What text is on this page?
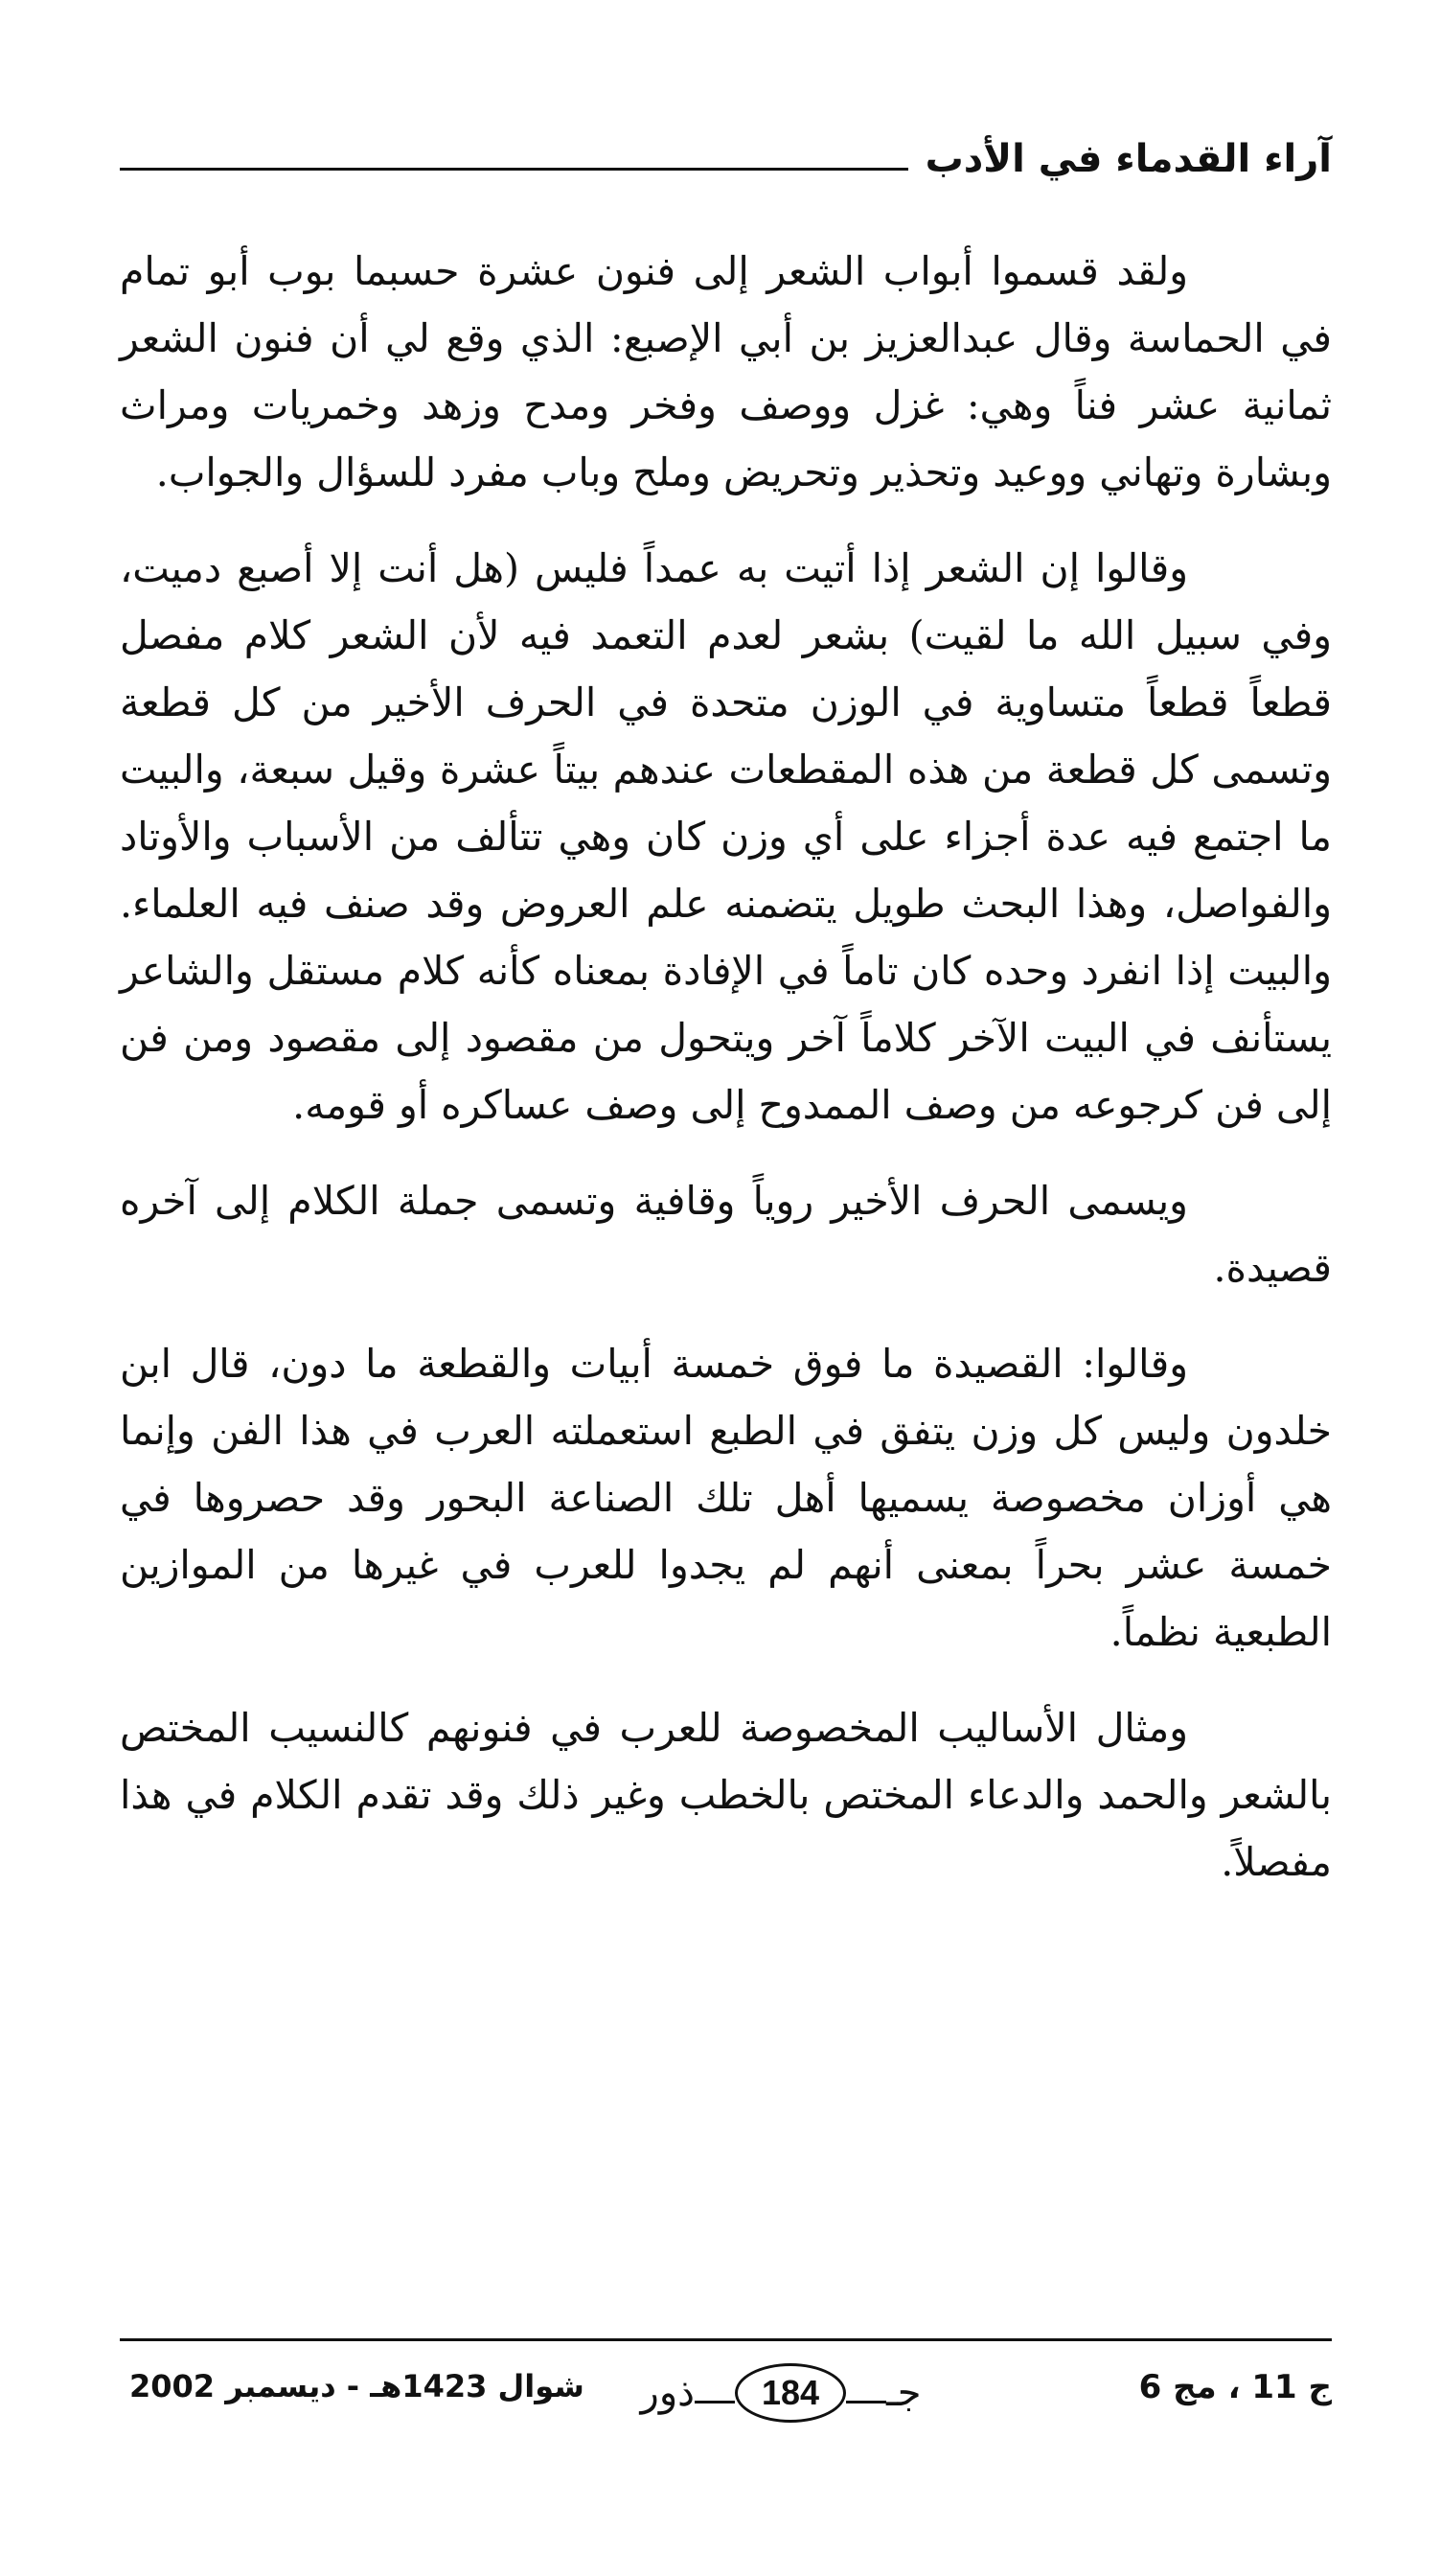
آراء القدماء في الأدب

ولقد قسموا أبواب الشعر إلى فنون عشرة حسبما بوب أبو تمام في الحماسة وقال عبدالعزيز بن أبي الإصبع: الذي وقع لي أن فنون الشعر ثمانية عشر فناً وهي: غزل ووصف وفخر ومدح وزهد وخمريات ومراث وبشارة وتهاني ووعيد وتحذير وتحريض وملح وباب مفرد للسؤال والجواب.

وقالوا إن الشعر إذا أتيت به عمداً فليس (هل أنت إلا أصبع دميت، وفي سبيل الله ما لقيت) بشعر لعدم التعمد فيه لأن الشعر كلام مفصل قطعاً قطعاً متساوية في الوزن متحدة في الحرف الأخير من كل قطعة وتسمى كل قطعة من هذه المقطعات عندهم بيتاً عشرة وقيل سبعة، والبيت ما اجتمع فيه عدة أجزاء على أي وزن كان وهي تتألف من الأسباب والأوتاد والفواصل، وهذا البحث طويل يتضمنه علم العروض وقد صنف فيه العلماء. والبيت إذا انفرد وحده كان تاماً في الإفادة بمعناه كأنه كلام مستقل والشاعر يستأنف في البيت الآخر كلاماً آخر ويتحول من مقصود إلى مقصود ومن فن إلى فن كرجوعه من وصف الممدوح إلى وصف عساكره أو قومه.

ويسمى الحرف الأخير روياً وقافية وتسمى جملة الكلام إلى آخره قصيدة.

وقالوا: القصيدة ما فوق خمسة أبيات والقطعة ما دون، قال ابن خلدون وليس كل وزن يتفق في الطبع استعملته العرب في هذا الفن وإنما هي أوزان مخصوصة يسميها أهل تلك الصناعة البحور وقد حصروها في خمسة عشر بحراً بمعنى أنهم لم يجدوا للعرب في غيرها من الموازين الطبعية نظماً.

ومثال الأساليب المخصوصة للعرب في فنونهم كالنسيب المختص بالشعر والحمد والدعاء المختص بالخطب وغير ذلك وقد تقدم الكلام في هذا مفصلاً.

ج 11 ، مج 6
ذور	184	جـ
شوال 1423هـ - ديسمبر 2002
